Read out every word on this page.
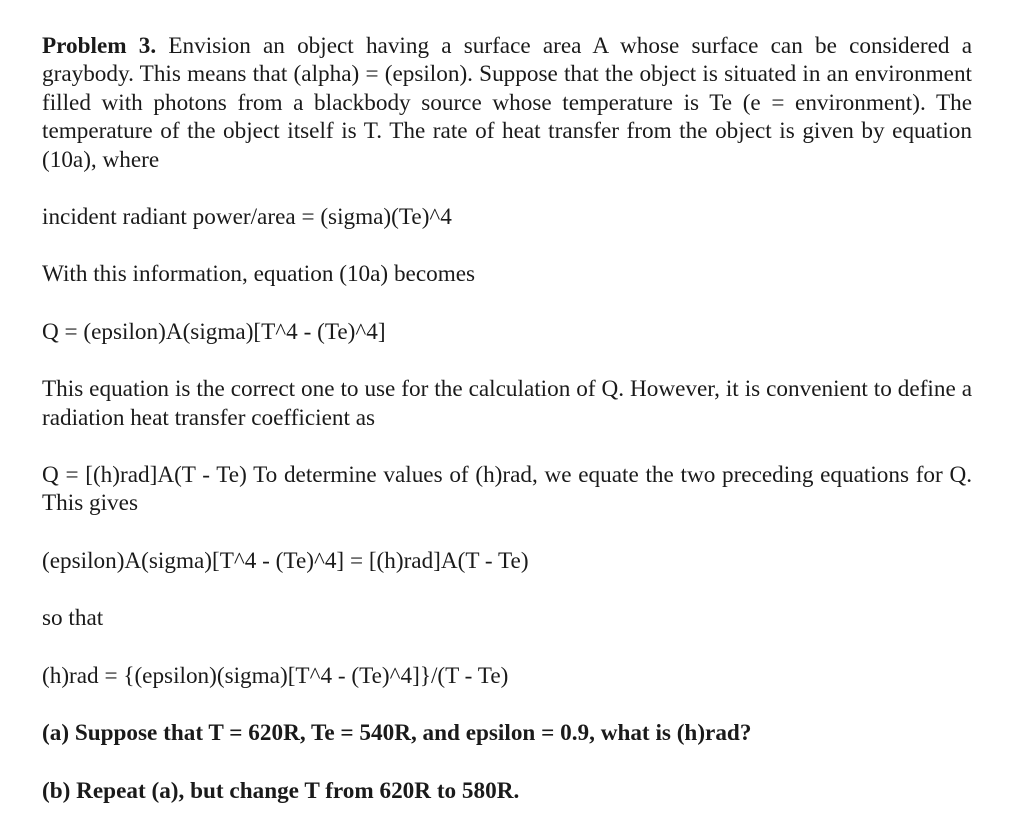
Problem 3. Envision an object having a surface area A whose surface can be considered a graybody. This means that (alpha) = (epsilon). Suppose that the object is situated in an environment filled with photons from a blackbody source whose temperature is Te (e = environment). The temperature of the object itself is T. The rate of heat transfer from the object is given by equation (10a), where

incident radiant power/area = (sigma)(Te)^4

With this information, equation (10a) becomes

Q = (epsilon)A(sigma)[T^4 - (Te)^4]

This equation is the correct one to use for the calculation of Q. However, it is convenient to define a radiation heat transfer coefficient as

Q = [(h)rad]A(T - Te) To determine values of (h)rad, we equate the two preceding equations for Q. This gives

(epsilon)A(sigma)[T^4 - (Te)^4] = [(h)rad]A(T - Te)

so that

(h)rad = {(epsilon)(sigma)[T^4 - (Te)^4]}/(T - Te)

(a) Suppose that T = 620R, Te = 540R, and epsilon = 0.9, what is (h)rad?

(b) Repeat (a), but change T from 620R to 580R.
